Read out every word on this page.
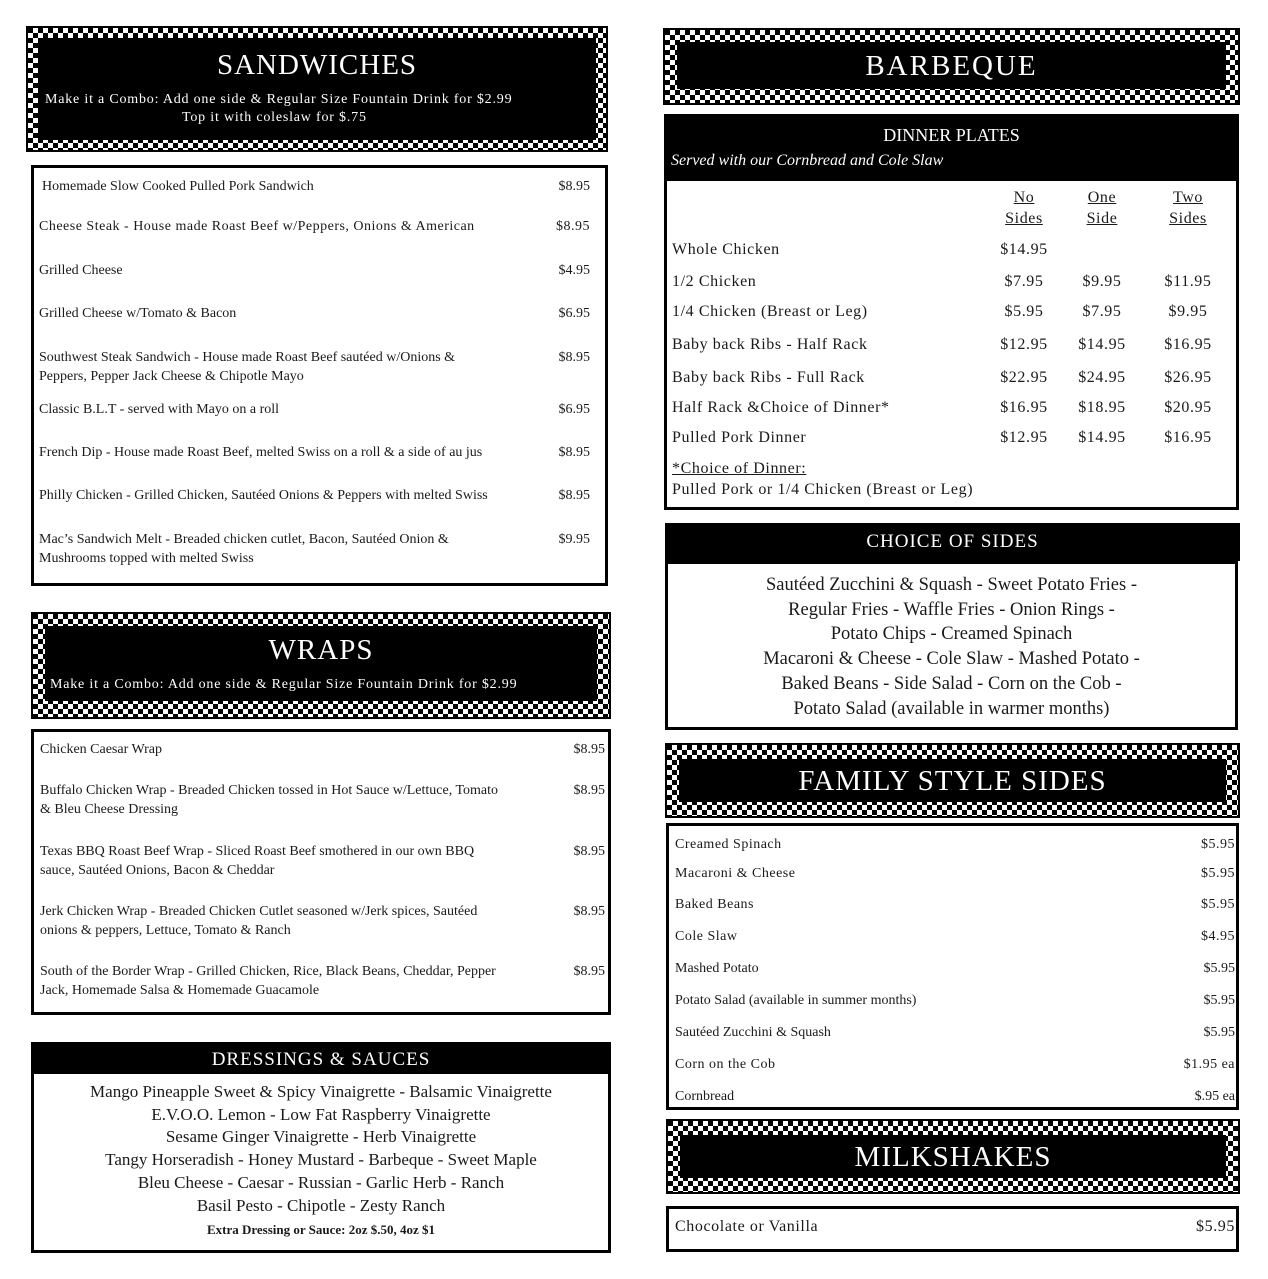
SANDWICHES
Make it a Combo: Add one side & Regular Size Fountain Drink for $2.99
Top it with coleslaw for $.75
Homemade Slow Cooked Pulled Pork Sandwich	$8.95
Cheese Steak - House made Roast Beef w/Peppers, Onions & American	$8.95
Grilled Cheese	$4.95
Grilled Cheese w/Tomato & Bacon	$6.95
Southwest Steak Sandwich - House made Roast Beef sautéed w/Onions &
Peppers, Pepper Jack Cheese & Chipotle Mayo
$8.95
Classic B.L.T - served with Mayo on a roll	$6.95
French Dip - House made Roast Beef, melted Swiss on a roll & a side of au jus	$8.95
Philly Chicken - Grilled Chicken, Sautéed Onions & Peppers with melted Swiss	$8.95
Mac’s Sandwich Melt - Breaded chicken cutlet, Bacon, Sautéed Onion &
Mushrooms topped with melted Swiss
$9.95
WRAPS
Make it a Combo: Add one side & Regular Size Fountain Drink for $2.99
Chicken Caesar Wrap	$8.95
Buffalo Chicken Wrap - Breaded Chicken tossed in Hot Sauce w/Lettuce, Tomato
& Bleu Cheese Dressing
$8.95
Texas BBQ Roast Beef Wrap - Sliced Roast Beef smothered in our own BBQ
sauce, Sautéed Onions, Bacon & Cheddar
$8.95
Jerk Chicken Wrap - Breaded Chicken Cutlet seasoned w/Jerk spices, Sautéed
onions & peppers, Lettuce, Tomato & Ranch
$8.95
South of the Border Wrap - Grilled Chicken, Rice, Black Beans, Cheddar, Pepper
Jack, Homemade Salsa & Homemade Guacamole
$8.95
DRESSINGS & SAUCES
Mango Pineapple Sweet & Spicy Vinaigrette - Balsamic Vinaigrette
E.V.O.O. Lemon - Low Fat Raspberry Vinaigrette
Sesame Ginger Vinaigrette - Herb Vinaigrette
Tangy Horseradish - Honey Mustard - Barbeque - Sweet Maple
Bleu Cheese - Caesar - Russian - Garlic Herb - Ranch
Basil Pesto - Chipotle - Zesty Ranch
Extra Dressing or Sauce: 2oz $.50, 4oz $1
BARBEQUE
DINNER PLATES
Served with our Cornbread and Cole Slaw
No
Sides
One
Side
Two
Sides
Whole Chicken	$14.95
1/2 Chicken	$7.95	$9.95	$11.95
1/4 Chicken (Breast or Leg)	$5.95	$7.95	$9.95
Baby back Ribs - Half Rack	$12.95	$14.95	$16.95
Baby back Ribs - Full Rack	$22.95	$24.95	$26.95
Half Rack &Choice of Dinner*	$16.95	$18.95	$20.95
Pulled Pork Dinner	$12.95	$14.95	$16.95
*Choice of Dinner:
Pulled Pork or 1/4 Chicken (Breast or Leg)
CHOICE OF SIDES
Sautéed Zucchini & Squash - Sweet Potato Fries -
Regular Fries - Waffle Fries - Onion Rings -
Potato Chips - Creamed Spinach
Macaroni & Cheese - Cole Slaw - Mashed Potato -
Baked Beans - Side Salad - Corn on the Cob -
Potato Salad (available in warmer months)
FAMILY STYLE SIDES
Creamed Spinach	$5.95
Macaroni & Cheese	$5.95
Baked Beans	$5.95
Cole Slaw	$4.95
Mashed Potato	$5.95
Potato Salad (available in summer months)	$5.95
Sautéed Zucchini & Squash	$5.95
Corn on the Cob	$1.95 ea
Cornbread	$.95 ea
MILKSHAKES
Chocolate or Vanilla	$5.95
